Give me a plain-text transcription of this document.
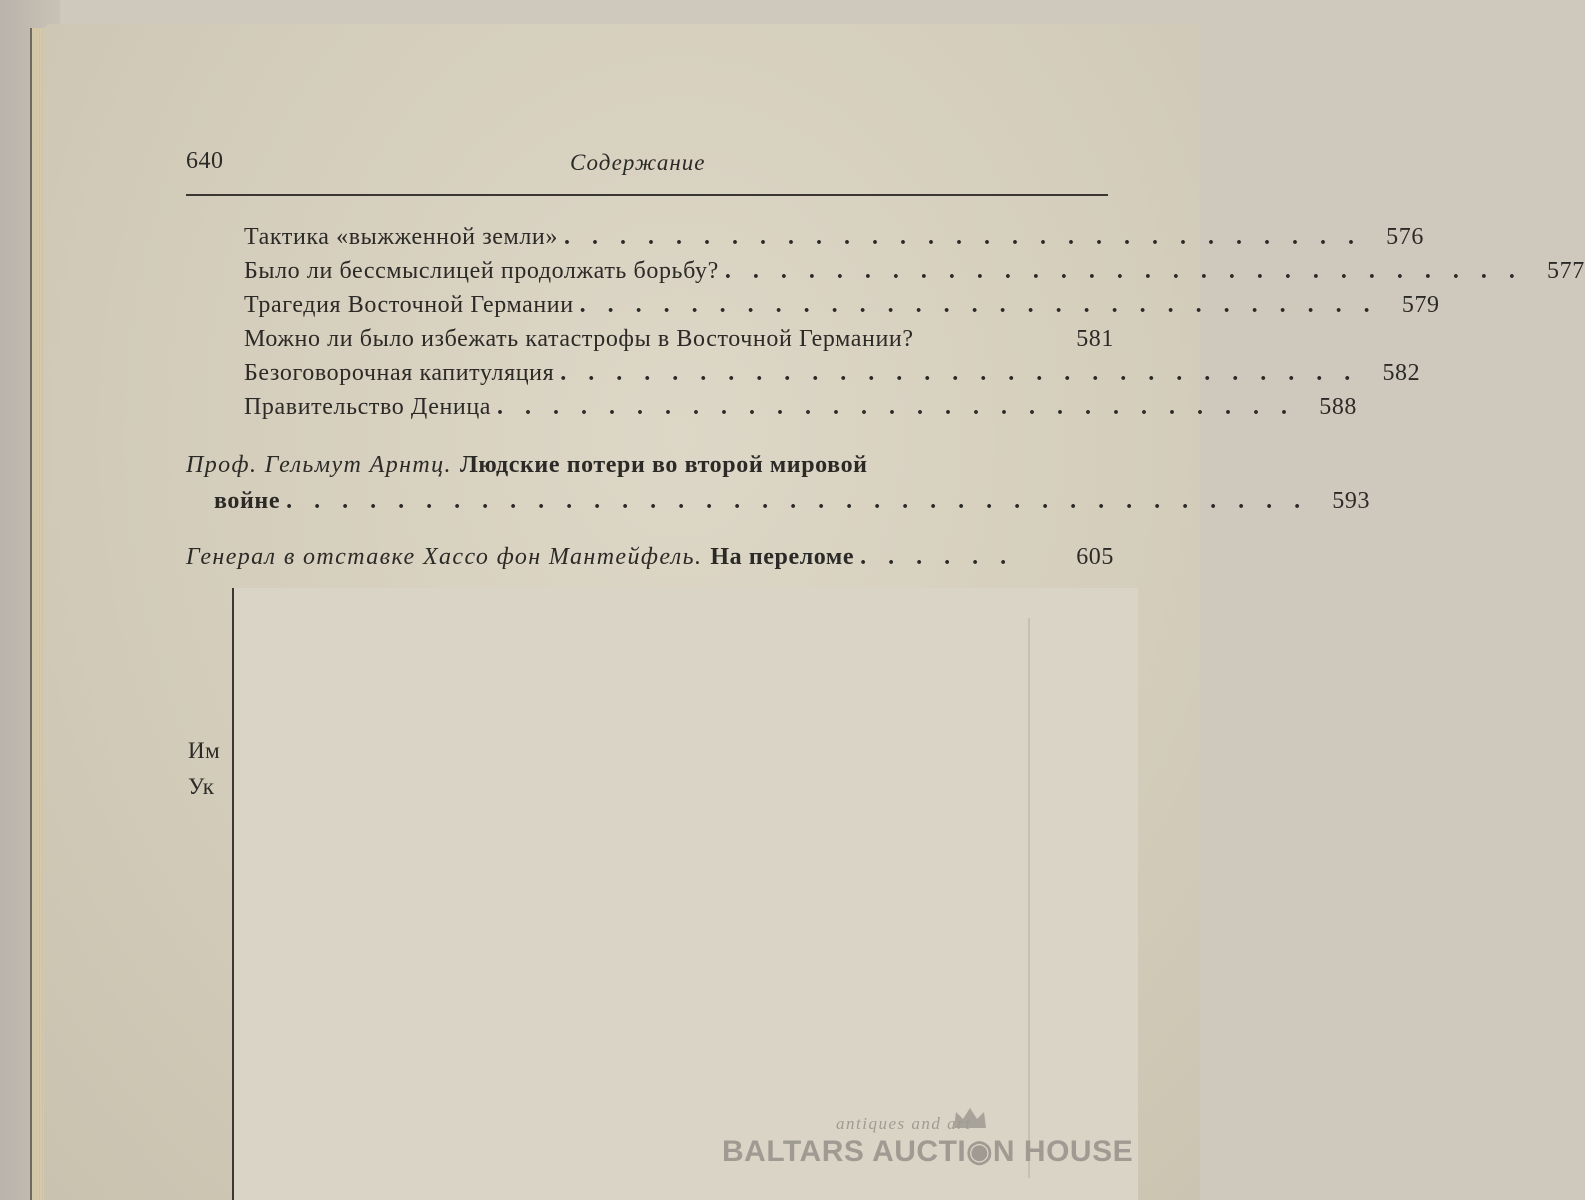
640	Содержание
Тактика «выжженной земли» . . . . . . . . . . . . . . . . . . . . . . . . . . . . .	576
Было ли бессмыслицей продолжать борьбу? . . . . . . . . . . . . . . . . . . . . . . . . . . . . .	577
Трагедия Восточной Германии . . . . . . . . . . . . . . . . . . . . . . . . . . . . .	579
Можно ли было избежать катастрофы в Восточной Германии?	581
Безоговорочная капитуляция . . . . . . . . . . . . . . . . . . . . . . . . . . . . .	582
Правительство Деница . . . . . . . . . . . . . . . . . . . . . . . . . . . . .	588
Проф. Гельмут Арнтц. Людские потери во второй мировой
войне . . . . . . . . . . . . . . . . . . . . . . . . . . . . . . . . . . . . .	593
Генерал в отставке Хассо фон Мантейфель. На переломе . . . . . .	605
Им
Ук
antiques and art
BALTARS AUCTI◉N HOUSE
